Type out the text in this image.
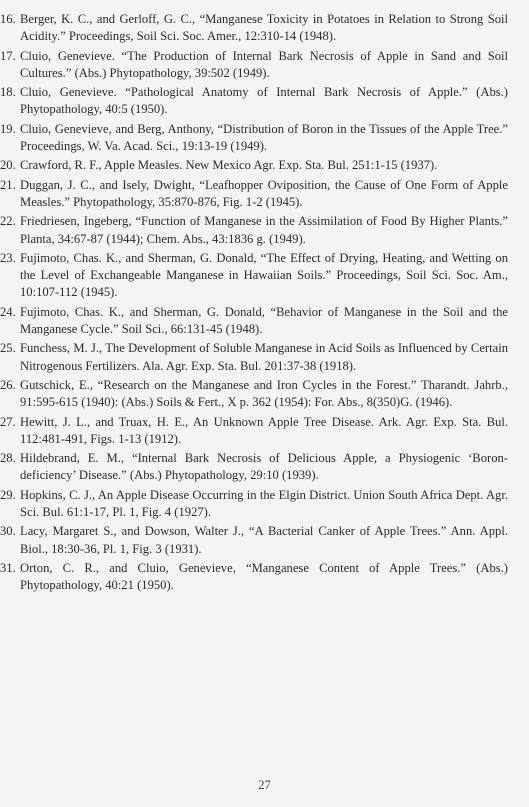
16. Berger, K. C., and Gerloff, G. C., “Manganese Toxicity in Potatoes in Relation to Strong Soil Acidity.” Proceedings, Soil Sci. Soc. Amer., 12:310-14 (1948).
17. Cluio, Genevieve. “The Production of Internal Bark Necrosis of Apple in Sand and Soil Cultures.” (Abs.) Phytopathology, 39:502 (1949).
18. Cluio, Genevieve. “Pathological Anatomy of Internal Bark Necrosis of Apple.” (Abs.) Phytopathology, 40:5 (1950).
19. Cluio, Genevieve, and Berg, Anthony, “Distribution of Boron in the Tissues of the Apple Tree.” Proceedings, W. Va. Acad. Sci., 19:13-19 (1949).
20. Crawford, R. F., Apple Measles. New Mexico Agr. Exp. Sta. Bul. 251:1-15 (1937).
21. Duggan, J. C., and Isely, Dwight, “Leafhopper Oviposition, the Cause of One Form of Apple Measles.” Phytopathology, 35:870-876, Fig. 1-2 (1945).
22. Friedriesen, Ingeberg, “Function of Manganese in the Assimilation of Food By Higher Plants.” Planta, 34:67-87 (1944); Chem. Abs., 43:1836 g. (1949).
23. Fujimoto, Chas. K., and Sherman, G. Donald, “The Effect of Drying, Heating, and Wetting on the Level of Exchangeable Manganese in Hawaiian Soils.” Proceedings, Soil Sci. Soc. Am., 10:107-112 (1945).
24. Fujimoto, Chas. K., and Sherman, G. Donald, “Behavior of Manganese in the Soil and the Manganese Cycle.” Soil Sci., 66:131-45 (1948).
25. Funchess, M. J., The Development of Soluble Manganese in Acid Soils as Influenced by Certain Nitrogenous Fertilizers. Ala. Agr. Exp. Sta. Bul. 201:37-38 (1918).
26. Gutschick, E., “Research on the Manganese and Iron Cycles in the Forest.” Tharandt. Jahrb., 91:595-615 (1940): (Abs.) Soils & Fert., X p. 362 (1954): For. Abs., 8(350)G. (1946).
27. Hewitt, J. L., and Truax, H. E., An Unknown Apple Tree Disease. Ark. Agr. Exp. Sta. Bul. 112:481-491, Figs. 1-13 (1912).
28. Hildebrand, E. M., “Internal Bark Necrosis of Delicious Apple, a Physiogenic ‘Boron-deficiency’ Disease.” (Abs.) Phytopathology, 29:10 (1939).
29. Hopkins, C. J., An Apple Disease Occurring in the Elgin District. Union South Africa Dept. Agr. Sci. Bul. 61:1-17, Pl. 1, Fig. 4 (1927).
30. Lacy, Margaret S., and Dowson, Walter J., “A Bacterial Canker of Apple Trees.” Ann. Appl. Biol., 18:30-36, Pl. 1, Fig. 3 (1931).
31. Orton, C. R., and Cluio, Genevieve, “Manganese Content of Apple Trees.” (Abs.) Phytopathology, 40:21 (1950).
27
